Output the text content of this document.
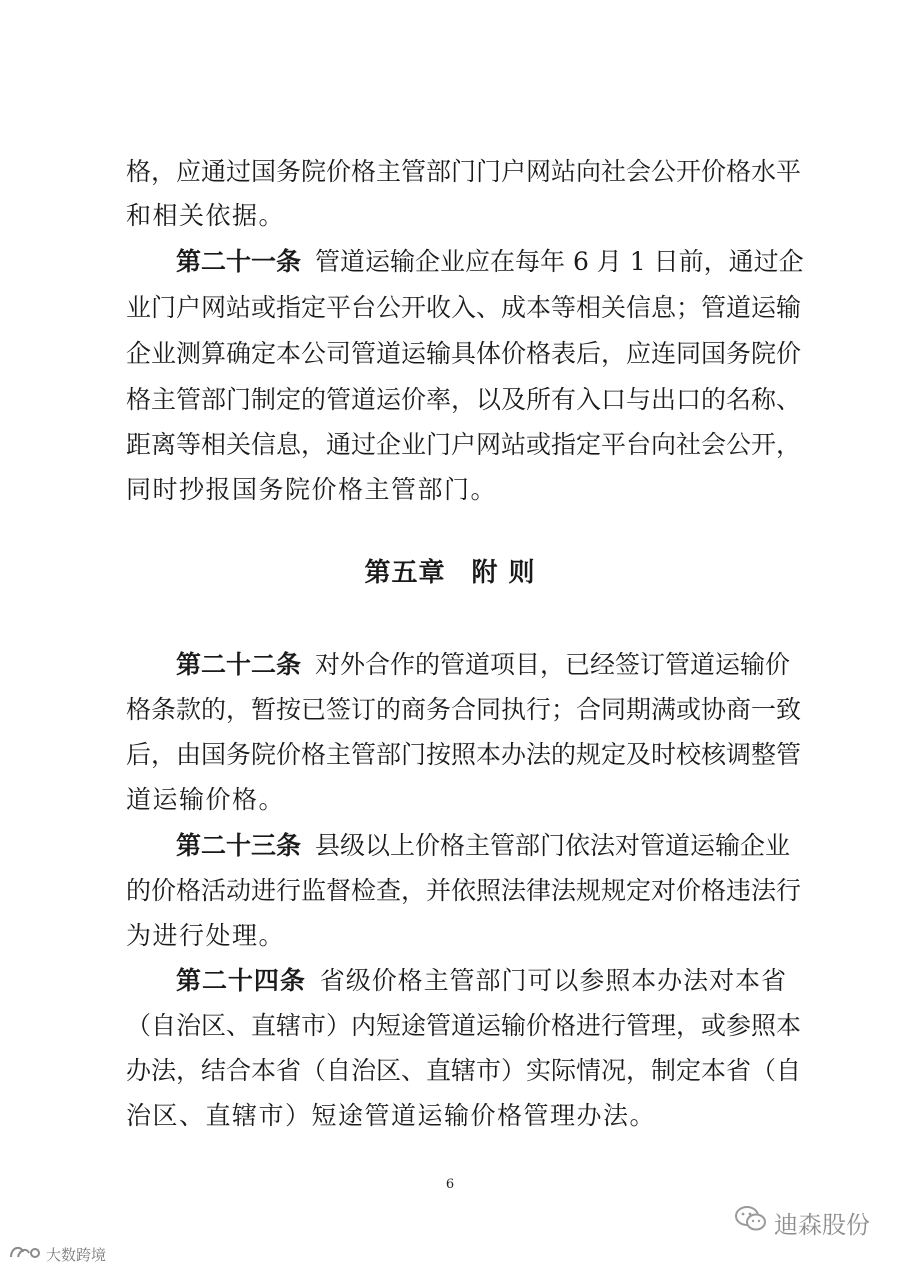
格，应通过国务院价格主管部门门户网站向社会公开价格水平
和相关依据。
第二十一条 管道运输企业应在每年 6 月 1 日前，通过企
业门户网站或指定平台公开收入、成本等相关信息；管道运输
企业测算确定本公司管道运输具体价格表后，应连同国务院价
格主管部门制定的管道运价率，以及所有入口与出口的名称、
距离等相关信息，通过企业门户网站或指定平台向社会公开，
同时抄报国务院价格主管部门。
第五章 附 则
第二十二条 对外合作的管道项目，已经签订管道运输价
格条款的，暂按已签订的商务合同执行；合同期满或协商一致
后，由国务院价格主管部门按照本办法的规定及时校核调整管
道运输价格。
第二十三条 县级以上价格主管部门依法对管道运输企业
的价格活动进行监督检查，并依照法律法规规定对价格违法行
为进行处理。
第二十四条 省级价格主管部门可以参照本办法对本省
（自治区、直辖市）内短途管道运输价格进行管理，或参照本
办法，结合本省（自治区、直辖市）实际情况，制定本省（自
治区、直辖市）短途管道运输价格管理办法。
6
迪森股份
大数跨境
